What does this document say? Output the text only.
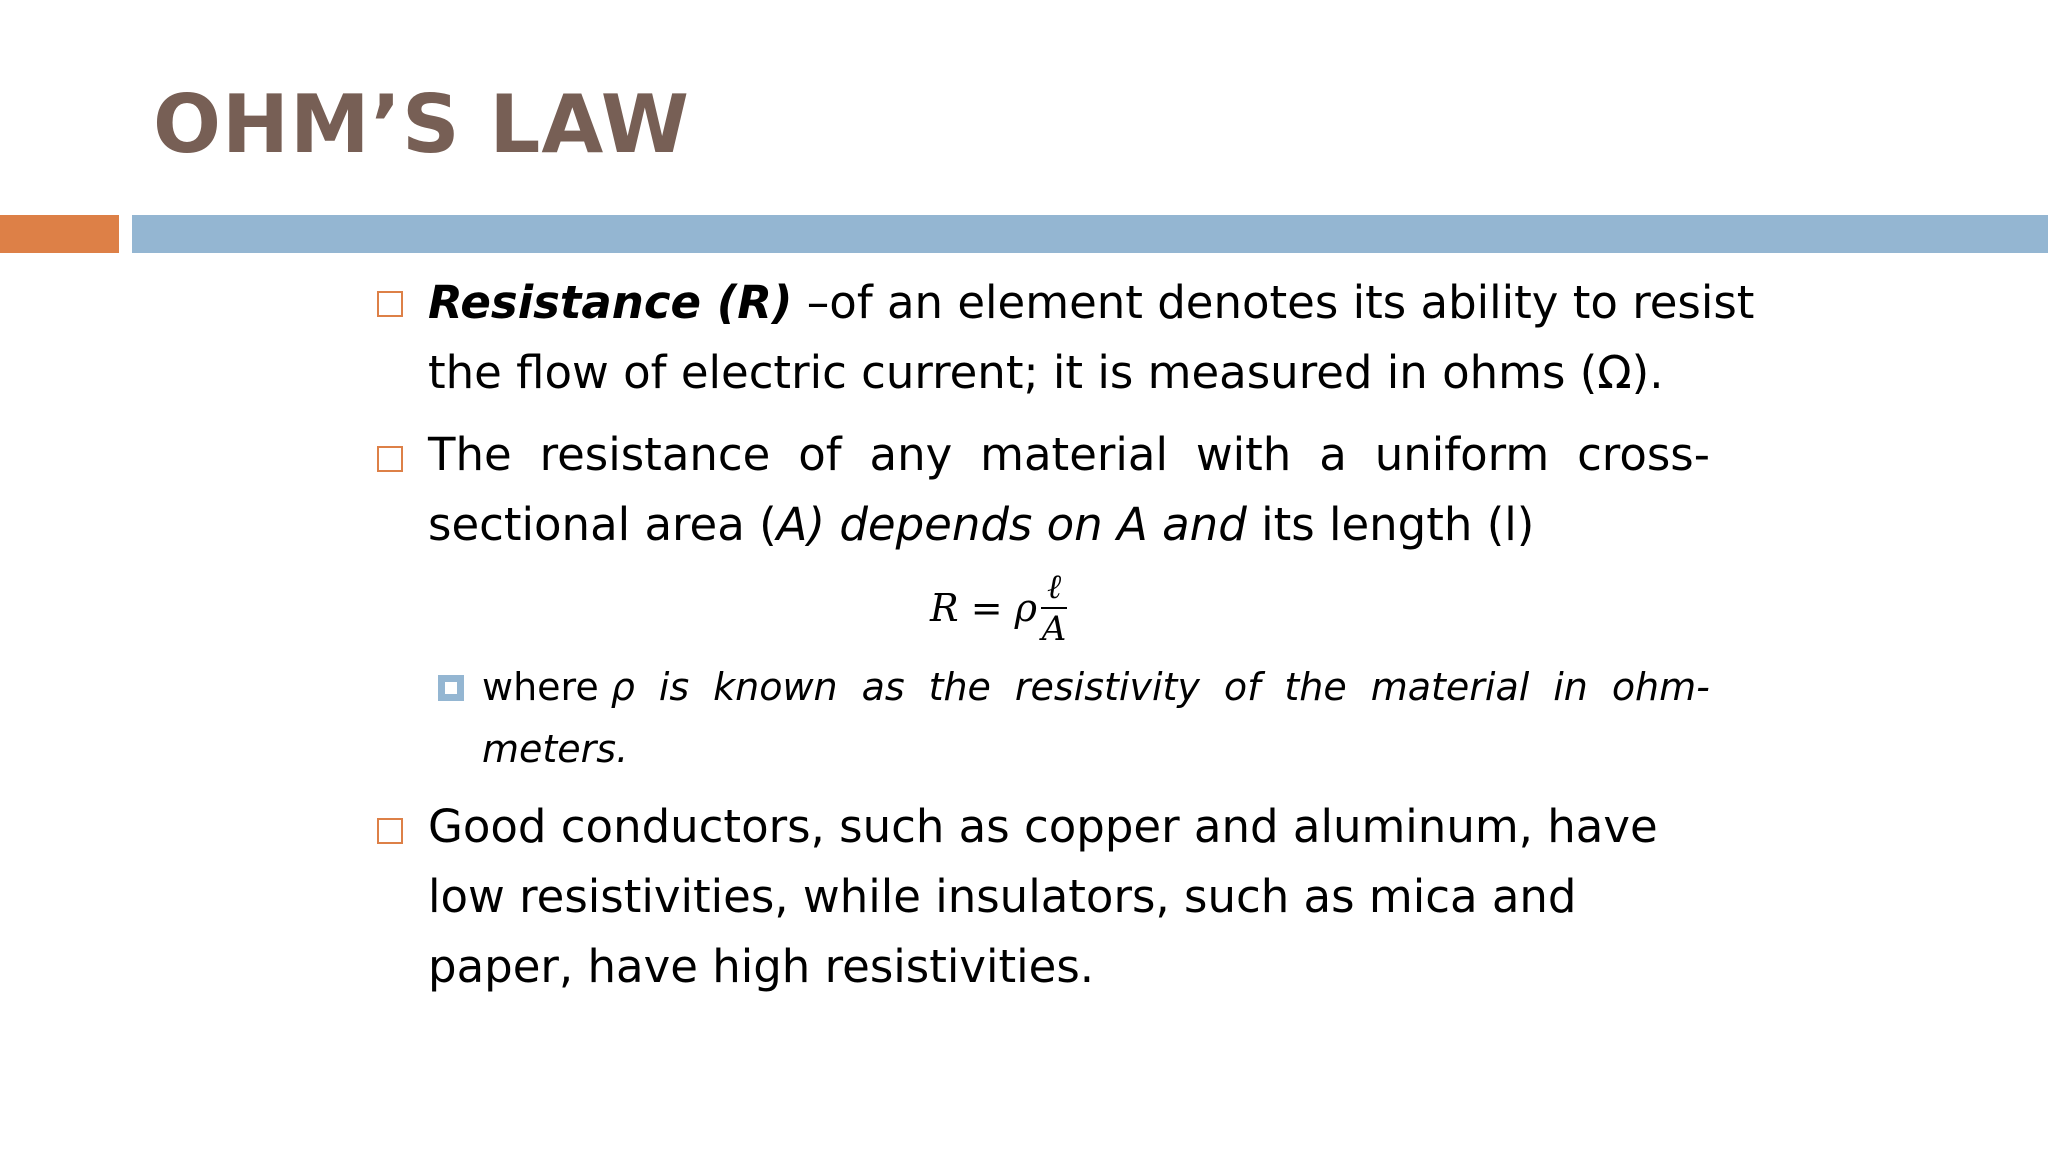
OHM’S LAW
Resistance (R) –of an element denotes its ability to resist
the flow of electric current; it is measured in ohms (Ω).
The resistance of any material with a uniform cross-
sectional area (A) depends on A and its length (l)
R = ρ $\frac{\text{ℓ}}{A}$
where ρ is known as the resistivity of the material in ohm-
meters.
Good conductors, such as copper and aluminum, have
low resistivities, while insulators, such as mica and
paper, have high resistivities.
